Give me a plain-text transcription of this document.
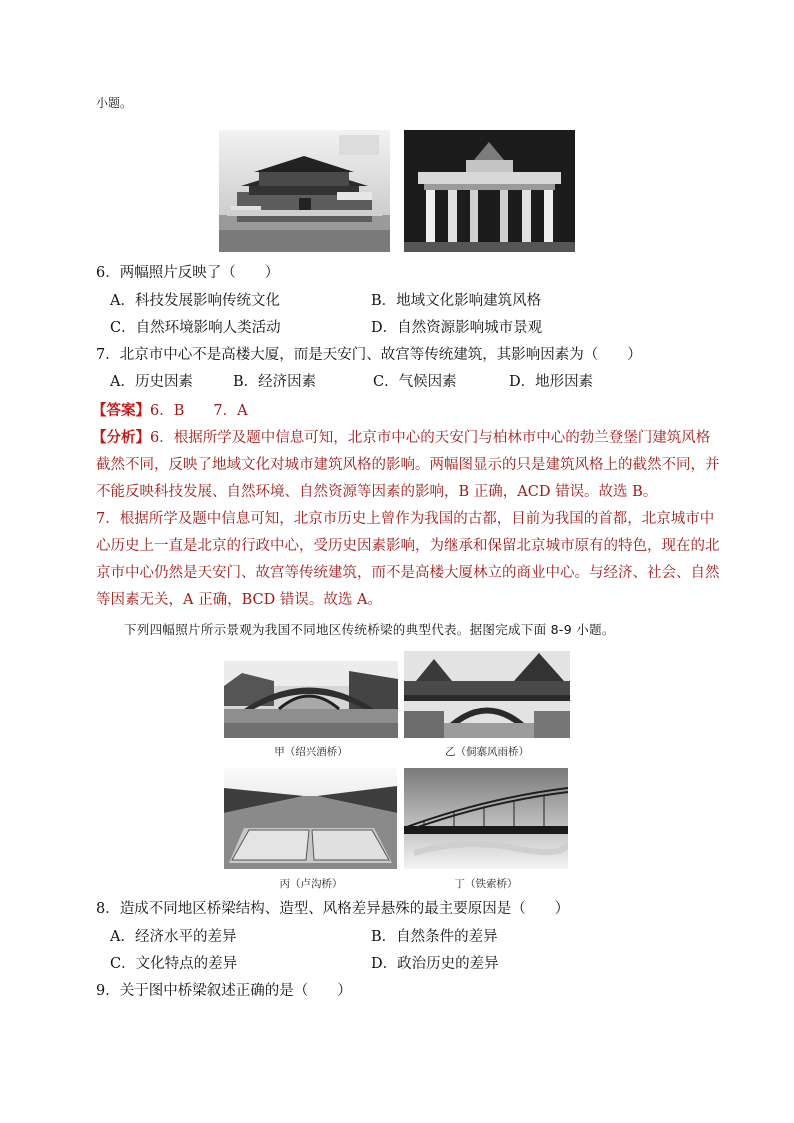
小题。
6．两幅照片反映了（　　）
A．科技发展影响传统文化	B．地域文化影响建筑风格
C．自然环境影响人类活动	D．自然资源影响城市景观
7．北京市中心不是高楼大厦，而是天安门、故宫等传统建筑，其影响因素为（　　）
A．历史因素	B．经济因素	C．气候因素	D．地形因素
【答案】6．B　　7．A
【分析】6．根据所学及题中信息可知，北京市中心的天安门与柏林市中心的勃兰登堡门建筑风格
截然不同，反映了地域文化对城市建筑风格的影响。两幅图显示的只是建筑风格上的截然不同，并
不能反映科技发展、自然环境、自然资源等因素的影响，B 正确，ACD 错误。故选 B。
7．根据所学及题中信息可知，北京市历史上曾作为我国的古都，目前为我国的首都，北京城市中
心历史上一直是北京的行政中心，受历史因素影响，为继承和保留北京城市原有的特色，现在的北
京市中心仍然是天安门、故宫等传统建筑，而不是高楼大厦林立的商业中心。与经济、社会、自然
等因素无关，A 正确，BCD 错误。故选 A。
下列四幅照片所示景观为我国不同地区传统桥梁的典型代表。据图完成下面 8-9 小题。
甲（绍兴酒桥）	乙（侗寨风雨桥）
丙（卢沟桥）	丁（铁索桥）
8．造成不同地区桥梁结构、造型、风格差异悬殊的最主要原因是（　　）
A．经济水平的差异	B．自然条件的差异
C．文化特点的差异	D．政治历史的差异
9．关于图中桥梁叙述正确的是（　　）
